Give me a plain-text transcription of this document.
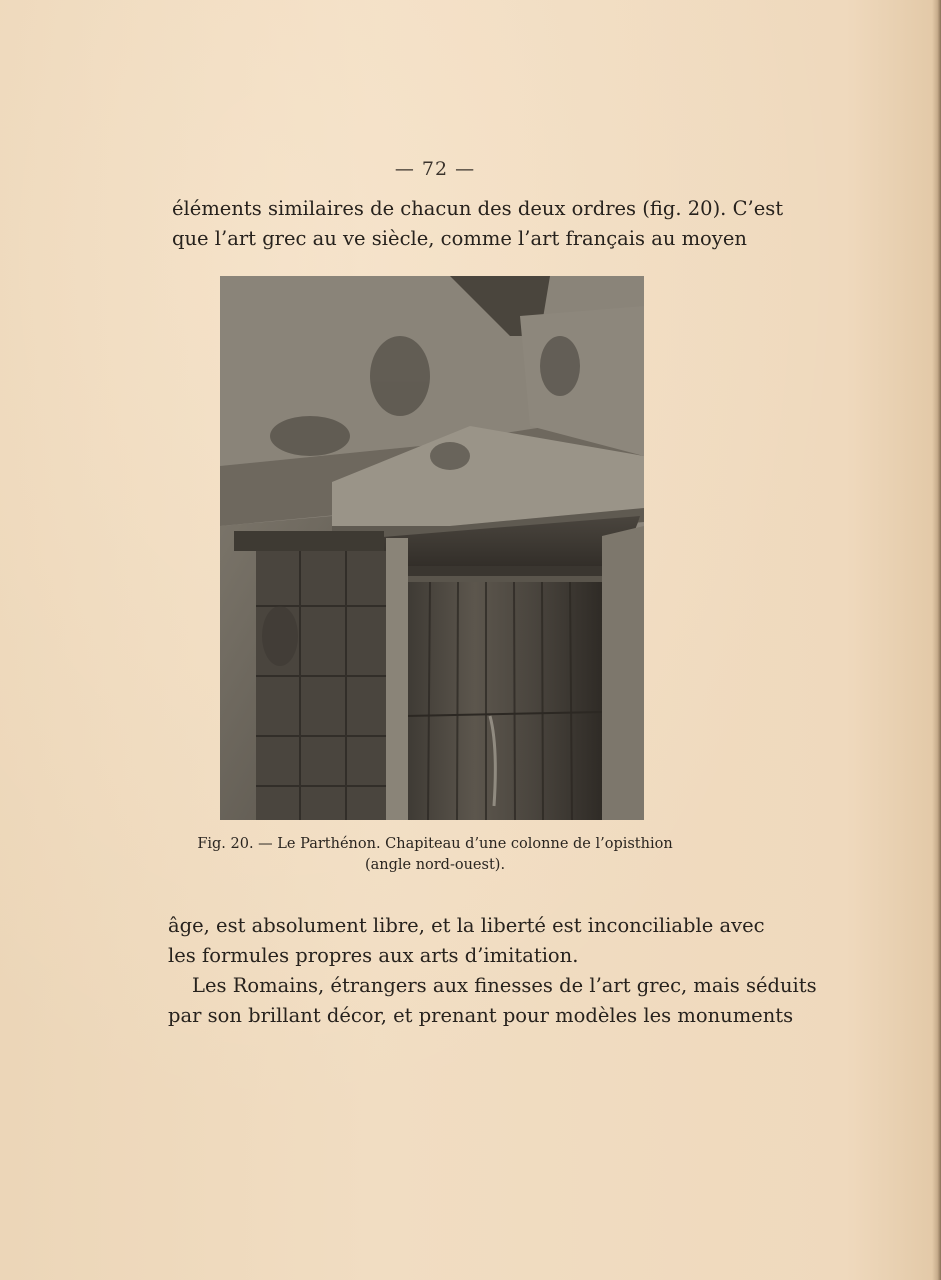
— 72 —
éléments similaires de chacun des deux ordres (fig. 20). C’est
que l’art grec au ve siècle, comme l’art français au moyen
Fig. 20. — Le Parthénon. Chapiteau d’une colonne de l’opisthion
(angle nord-ouest).
âge, est absolument libre, et la liberté est inconciliable avec
les formules propres aux arts d’imitation.
Les Romains, étrangers aux finesses de l’art grec, mais séduits
par son brillant décor, et prenant pour modèles les monuments
